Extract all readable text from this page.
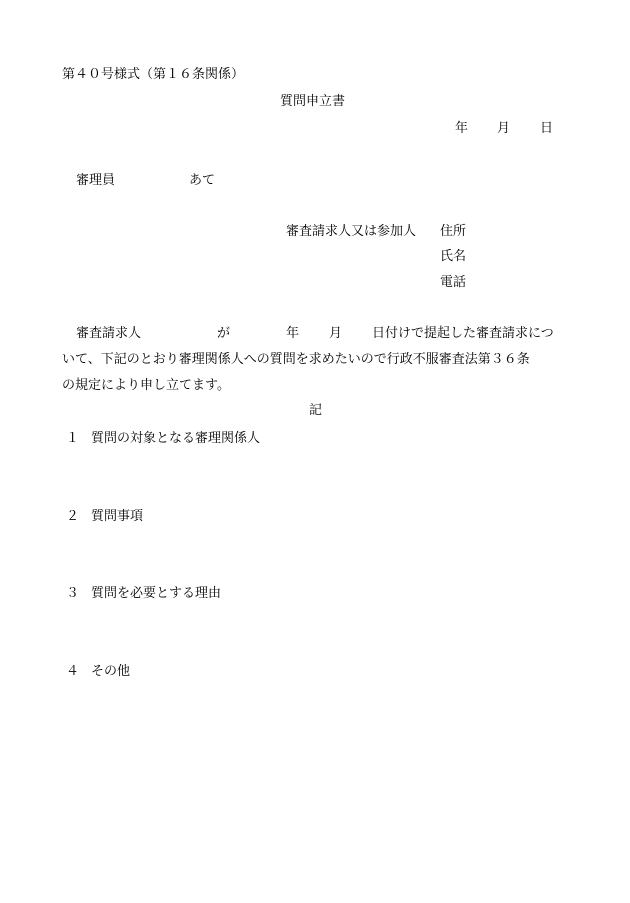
第４０号様式（第１６条関係）
質問申立書
年 月 日
審理員	あて
審査請求人又は参加人 住所
氏名
電話
審査請求人	が	年 月 日付けで提起した審査請求につ
いて、下記のとおり審理関係人への質問を求めたいので行政不服審査法第３６条
の規定により申し立てます。
記
１ 質問の対象となる審理関係人
２ 質問事項
３ 質問を必要とする理由
４ その他
